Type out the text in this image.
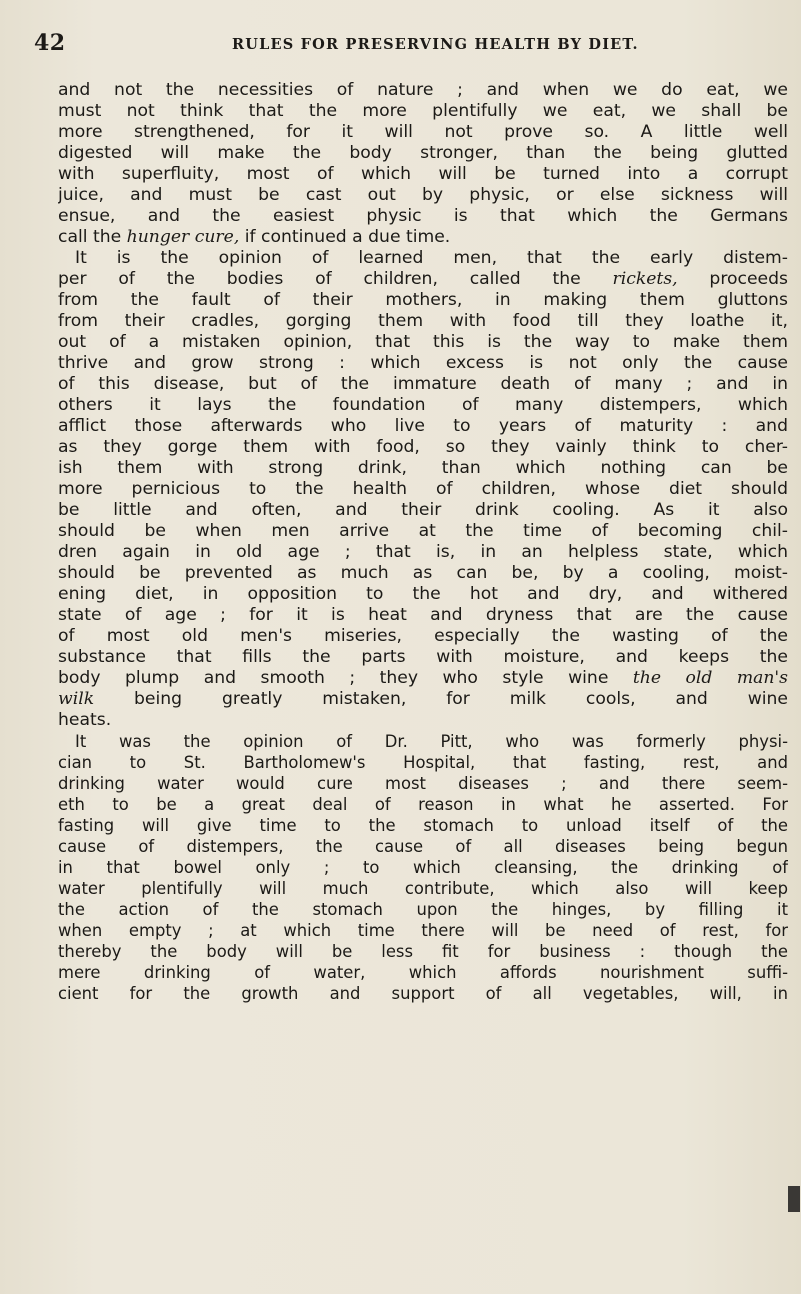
42	RULES FOR PRESERVING HEALTH BY DIET.
and not the necessities of nature ; and when we do eat, we
must not think that the more plentifully we eat, we shall be
more strengthened, for it will not prove so. A little well
digested will make the body stronger, than the being glutted
with superfluity, most of which will be turned into a corrupt
juice, and must be cast out by physic, or else sickness will
ensue, and the easiest physic is that which the Germans
call the hunger cure, if continued a due time.
It is the opinion of learned men, that the early distem-
per of the bodies of children, called the rickets, proceeds
from the fault of their mothers, in making them gluttons
from their cradles, gorging them with food till they loathe it,
out of a mistaken opinion, that this is the way to make them
thrive and grow strong : which excess is not only the cause
of this disease, but of the immature death of many ; and in
others it lays the foundation of many distempers, which
afflict those afterwards who live to years of maturity : and
as they gorge them with food, so they vainly think to cher-
ish them with strong drink, than which nothing can be
more pernicious to the health of children, whose diet should
be little and often, and their drink cooling. As it also
should be when men arrive at the time of becoming chil-
dren again in old age ; that is, in an helpless state, which
should be prevented as much as can be, by a cooling, moist-
ening diet, in opposition to the hot and dry, and withered
state of age ; for it is heat and dryness that are the cause
of most old men's miseries, especially the wasting of the
substance that fills the parts with moisture, and keeps the
body plump and smooth ; they who style wine the old man's
wilk being greatly mistaken, for milk cools, and wine
heats.
It was the opinion of Dr. Pitt, who was formerly physi-
cian to St. Bartholomew's Hospital, that fasting, rest, and
drinking water would cure most diseases ; and there seem-
eth to be a great deal of reason in what he asserted. For
fasting will give time to the stomach to unload itself of the
cause of distempers, the cause of all diseases being begun
in that bowel only ; to which cleansing, the drinking of
water plentifully will much contribute, which also will keep
the action of the stomach upon the hinges, by filling it
when empty ; at which time there will be need of rest, for
thereby the body will be less fit for business : though the
mere drinking of water, which affords nourishment suffi-
cient for the growth and support of all vegetables, will, in
